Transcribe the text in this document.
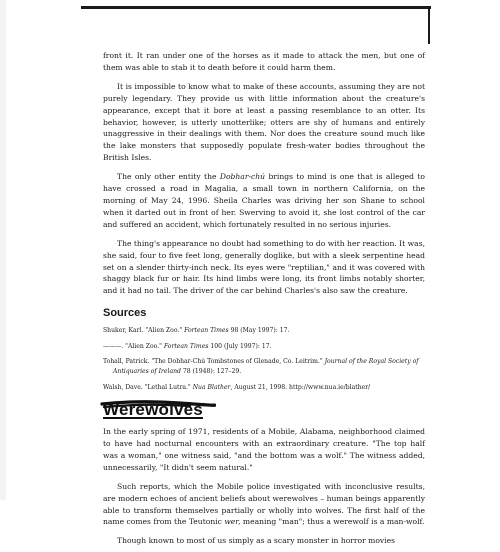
front it. It ran under one of the horses as it made to attack the men, but one of them was able to stab it to death before it could harm them.

It is impossible to know what to make of these accounts, assuming they are not purely legendary. They provide us with little information about the creature's appearance, except that it bore at least a passing resemblance to an otter. Its behavior, however, is utterly unotterlike; otters are shy of humans and entirely unaggressive in their dealings with them. Nor does the creature sound much like the lake monsters that supposedly populate fresh-water bodies throughout the British Isles.

The only other entity the Dobhar-chú brings to mind is one that is alleged to have crossed a road in Magalia, a small town in northern California, on the morning of May 24, 1996. Sheila Charles was driving her son Shane to school when it darted out in front of her. Swerving to avoid it, she lost control of the car and suffered an accident, which fortunately resulted in no serious injuries.

The thing's appearance no doubt had something to do with her reaction. It was, she said, four to five feet long, generally doglike, but with a sleek serpentine head set on a slender thirty-inch neck. Its eyes were "reptilian," and it was covered with shaggy black fur or hair. Its hind limbs were long, its front limbs notably shorter, and it had no tail. The driver of the car behind Charles's also saw the creature.

Sources

Shuker, Karl. "Alien Zoo." Fortean Times 98 (May 1997): 17.

———. "Alien Zoo." Fortean Times 100 (July 1997): 17.

Tohall, Patrick. "The Dobhar-Chú Tombstones of Glenade, Co. Leitrim." Journal of the Royal Society of Antiquaries of Ireland 78 (1948): 127–29.

Walsh, Dave. "Lethal Lutra." Nua Blather, August 21, 1998. http://www.nua.ie/blather/

Werewolves

In the early spring of 1971, residents of a Mobile, Alabama, neighborhood claimed to have had nocturnal encounters with an extraordinary creature. "The top half was a woman," one witness said, "and the bottom was a wolf." The witness added, unnecessarily, "It didn't seem natural."

Such reports, which the Mobile police investigated with inconclusive results, are modern echoes of ancient beliefs about werewolves – human beings apparently able to transform themselves partially or wholly into wolves. The first half of the name comes from the Teutonic wer, meaning "man"; thus a werewolf is a man-wolf.

Though known to most of us simply as a scary monster in horror movies
